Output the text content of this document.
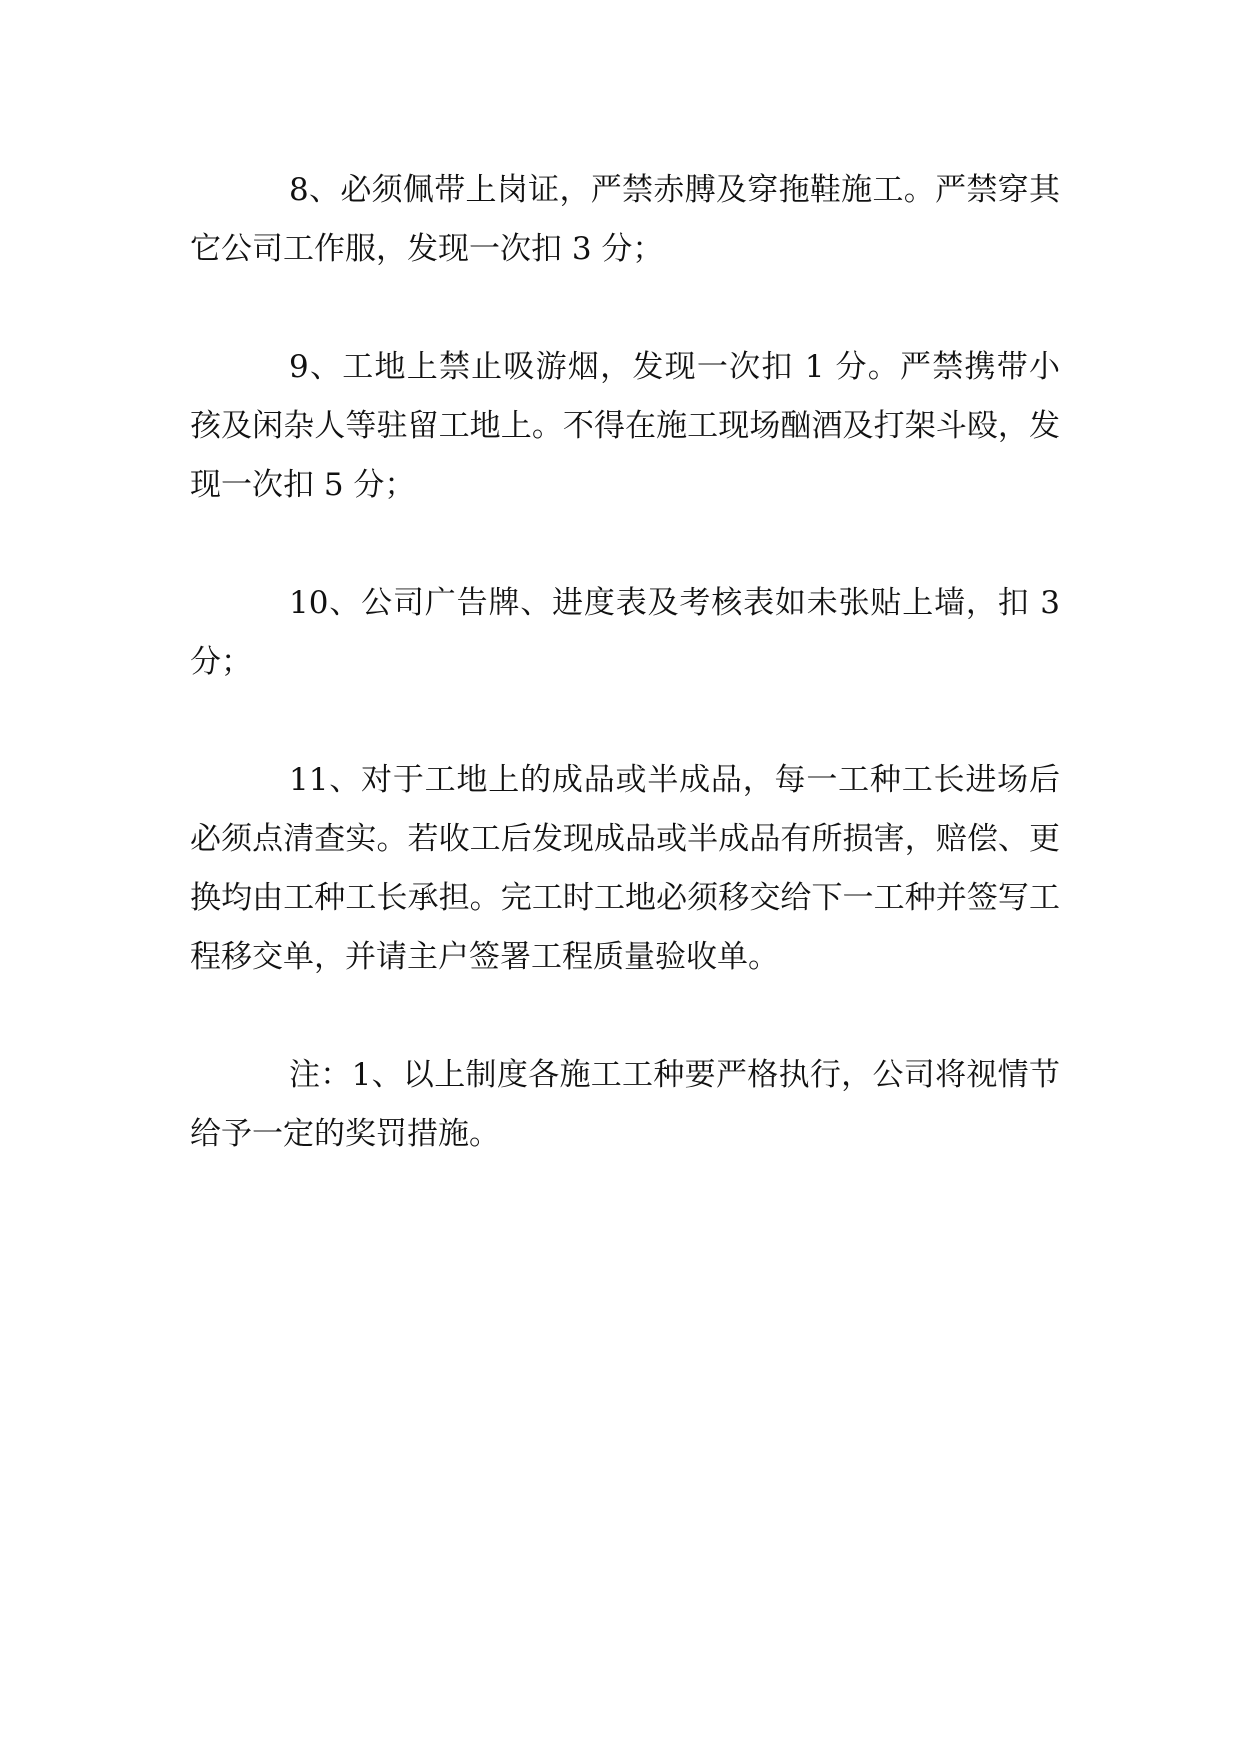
8、必须佩带上岗证，严禁赤膊及穿拖鞋施工。严禁穿其它公司工作服，发现一次扣 3 分；

9、工地上禁止吸游烟，发现一次扣 1 分。严禁携带小孩及闲杂人等驻留工地上。不得在施工现场酗酒及打架斗殴，发现一次扣 5 分；

10、公司广告牌、进度表及考核表如未张贴上墙，扣 3 分；

11、对于工地上的成品或半成品，每一工种工长进场后必须点清查实。若收工后发现成品或半成品有所损害，赔偿、更换均由工种工长承担。完工时工地必须移交给下一工种并签写工程移交单，并请主户签署工程质量验收单。

注：1、以上制度各施工工种要严格执行，公司将视情节给予一定的奖罚措施。
